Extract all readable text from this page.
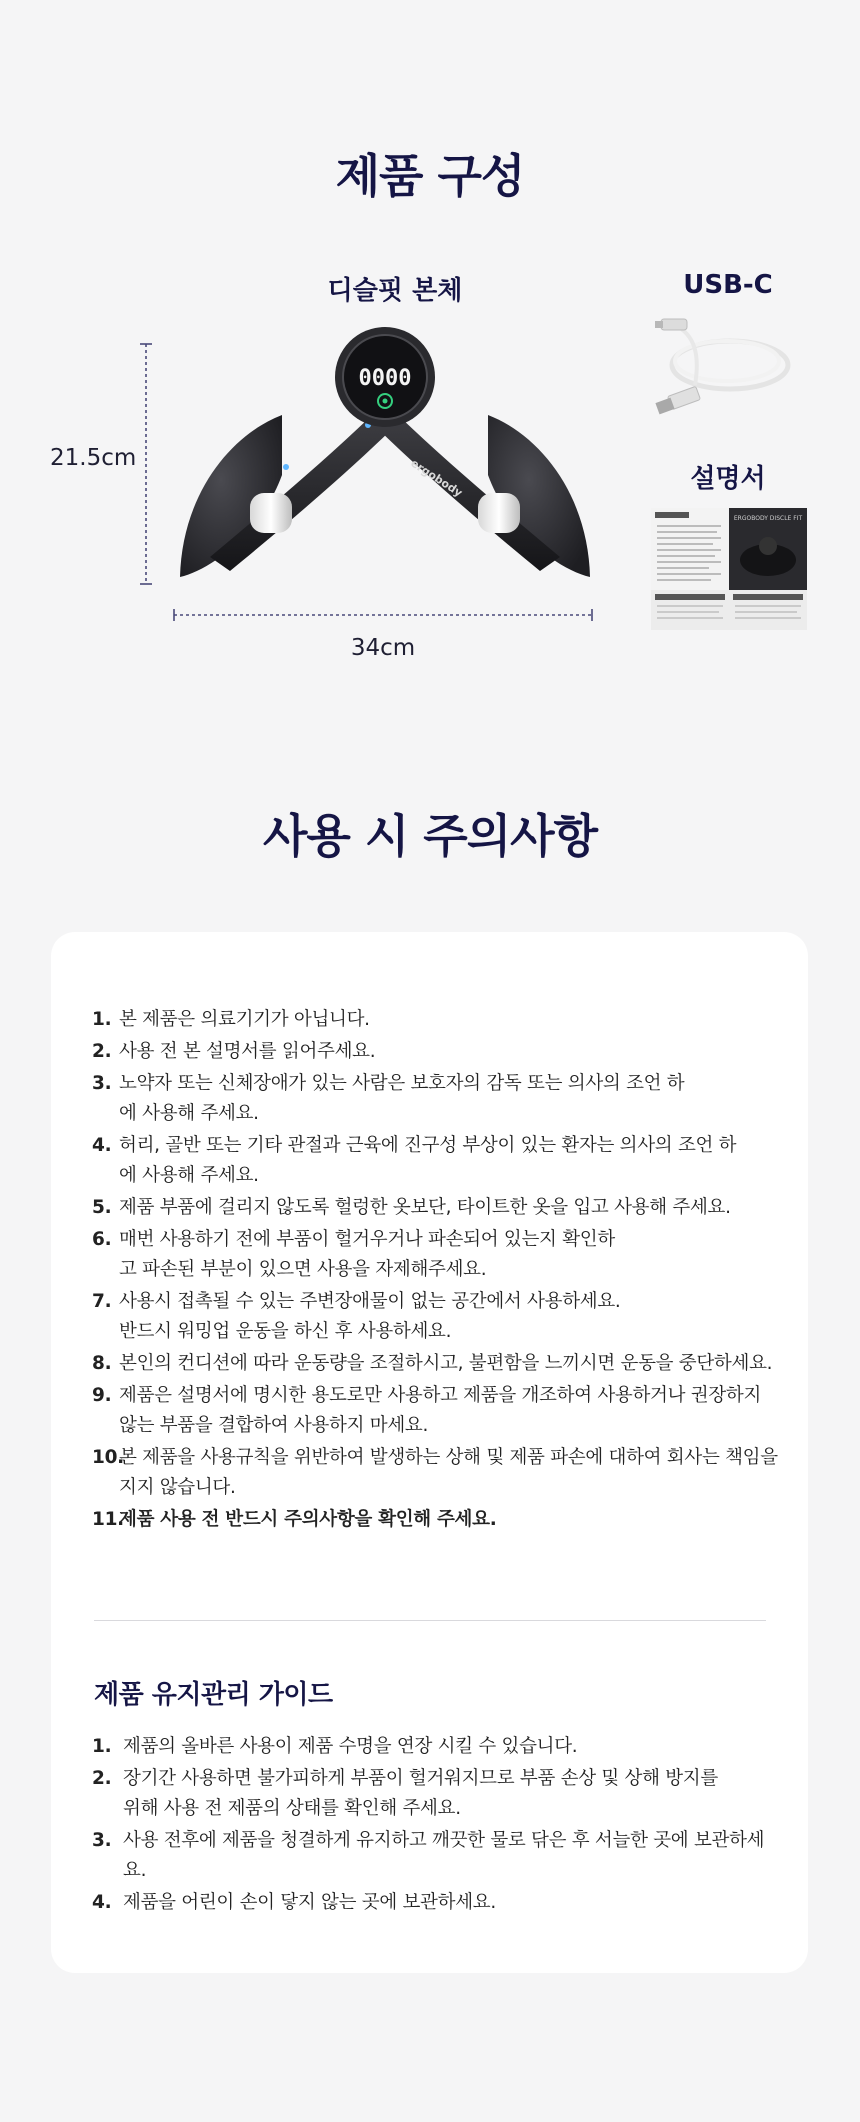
제품 구성
디슬핏 본체	USB-C
설명서
21.5cm
34cm
0000
ergobody
ERGOBODY DISCLE FIT
사용 시 주의사항
1. 본 제품은 의료기기가 아닙니다.
2. 사용 전 본 설명서를 읽어주세요.
3. 노약자 또는 신체장애가 있는 사람은 보호자의 감독 또는 의사의 조언 하에 사용해 주세요.
4. 허리, 골반 또는 기타 관절과 근육에 진구성 부상이 있는 환자는 의사의 조언 하에 사용해 주세요.
5. 제품 부품에 걸리지 않도록 헐렁한 옷보단, 타이트한 옷을 입고 사용해 주세요.
6. 매번 사용하기 전에 부품이 헐거우거나 파손되어 있는지 확인하고 파손된 부분이 있으면 사용을 자제해주세요.
7. 사용시 접촉될 수 있는 주변장애물이 없는 공간에서 사용하세요. 반드시 워밍업 운동을 하신 후 사용하세요.
8. 본인의 컨디션에 따라 운동량을 조절하시고, 불편함을 느끼시면 운동을 중단하세요.
9. 제품은 설명서에 명시한 용도로만 사용하고 제품을 개조하여 사용하거나 권장하지 않는 부품을 결합하여 사용하지 마세요.
10.
본 제품을 사용규칙을 위반하여 발생하는 상해 및 제품 파손에 대하여 회사는 책임을 지지 않습니다.
11.
제품 사용 전 반드시 주의사항을 확인해 주세요.
제품 유지관리 가이드
1. 제품의 올바른 사용이 제품 수명을 연장 시킬 수 있습니다.
2. 장기간 사용하면 불가피하게 부품이 헐거워지므로 부품 손상 및 상해 방지를 위해 사용 전 제품의 상태를 확인해 주세요.
3. 사용 전후에 제품을 청결하게 유지하고 깨끗한 물로 닦은 후 서늘한 곳에 보관하세요.
4. 제품을 어린이 손이 닿지 않는 곳에 보관하세요.
